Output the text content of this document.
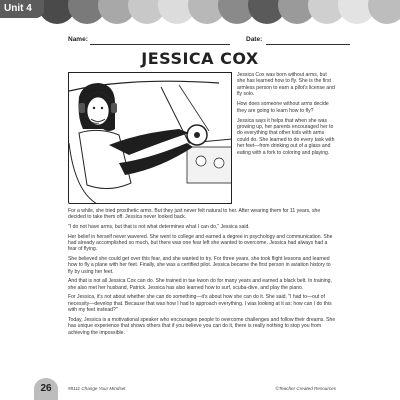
Unit 4
Name:	Date:
JESSICA COX

Jessica Cox was born without arms, but she has learned how to fly. She is the first armless person to earn a pilot's license and fly solo.

How does someone without arms decide they are going to learn how to fly?

Jessica says it helps that when she was growing up, her parents encouraged her to do everything that other kids with arms could do. She learned to do every task with her feet—from drinking out of a glass and eating with a fork to coloring and playing.

For a while, she tried prosthetic arms. But they just never felt natural to her. After wearing them for 11 years, she decided to take them off. Jessica never looked back.

"I do not have arms, but that is not what determines what I can do," Jessica said.

Her belief in herself never wavered. She went to college and earned a degree in psychology and communication. She had already accomplished so much, but there was one fear left she wanted to overcome. Jessica had always had a fear of flying.

She believed she could get over this fear, and she wanted to try. For three years, she took flight lessons and learned how to fly a plane with her feet. Finally, she was a certified pilot. Jessica became the first person in aviation history to fly by using her feet.

And that is not all Jessica Cox can do. She trained in tae kwon do for many years and earned a black belt. In training, she also met her husband, Patrick. Jessica has also learned how to surf, scuba-dive, and play the piano.

For Jessica, it's not about whether she can do something—it's about how she can do it. She said, "I had to—out of necessity—develop that. Because that was how I had to approach everything. I was looking at it as: how can I do this with my feet instead?"

Today, Jessica is a motivational speaker who encourages people to overcome challenges and follow their dreams. She has unique experience that shows others that if you believe you can do it, there is really nothing to stop you from achieving the impossible.

26	#8111 Change Your Mindset	©Teacher Created Resources
